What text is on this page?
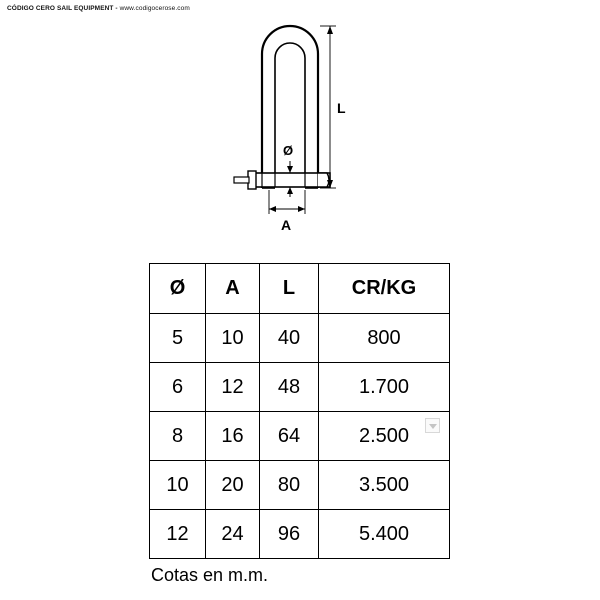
CÓDIGO CERO SAIL EQUIPMENT - www.codigocerose.com
Ø
A
L
Ø	A	L	CR/KG
5	10	40	800
6	12	48	1.700
8	16	64	2.500
10	20	80	3.500
12	24	96	5.400
Cotas en m.m.
